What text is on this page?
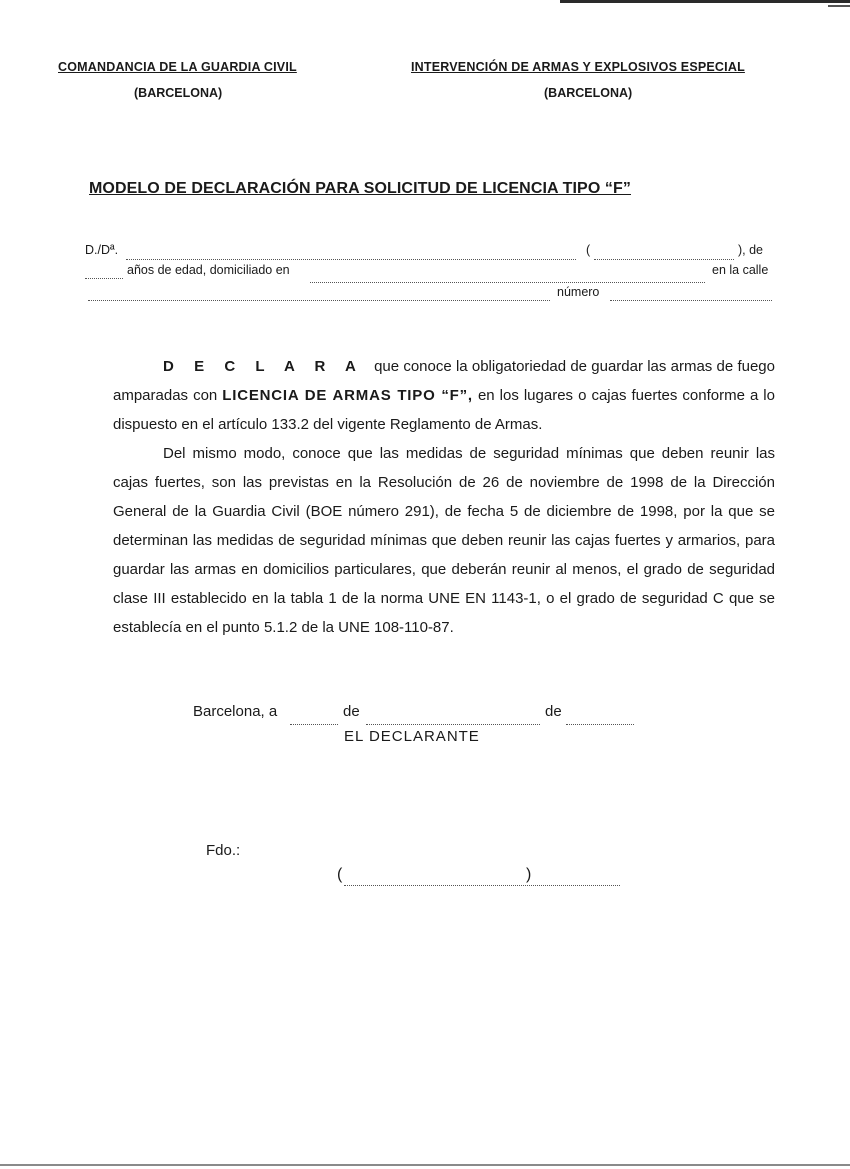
COMANDANCIA DE LA GUARDIA CIVIL
(BARCELONA)
INTERVENCIÓN DE ARMAS Y EXPLOSIVOS ESPECIAL
(BARCELONA)
MODELO DE DECLARACIÓN PARA SOLICITUD DE LICENCIA TIPO “F”
D./Dª.	(	), de
años de edad, domiciliado en	en la calle
número

D E C L A R A que conoce la obligatoriedad de guardar las armas de fuego amparadas con LICENCIA DE ARMAS TIPO “F”, en los lugares o cajas fuertes conforme a lo dispuesto en el artículo 133.2 del vigente Reglamento de Armas.

Del mismo modo, conoce que las medidas de seguridad mínimas que deben reunir las cajas fuertes, son las previstas en la Resolución de 26 de noviembre de 1998 de la Dirección General de la Guardia Civil (BOE número 291), de fecha 5 de diciembre de 1998, por la que se determinan las medidas de seguridad mínimas que deben reunir las cajas fuertes y armarios, para guardar las armas en domicilios particulares, que deberán reunir al menos, el grado de seguridad clase III establecido en la tabla 1 de la norma UNE EN 1143-1, o el grado de seguridad C que se establecía en el punto 5.1.2 de la UNE 108-110-87.

Barcelona, a	de	de
EL DECLARANTE
Fdo.:
(	)
